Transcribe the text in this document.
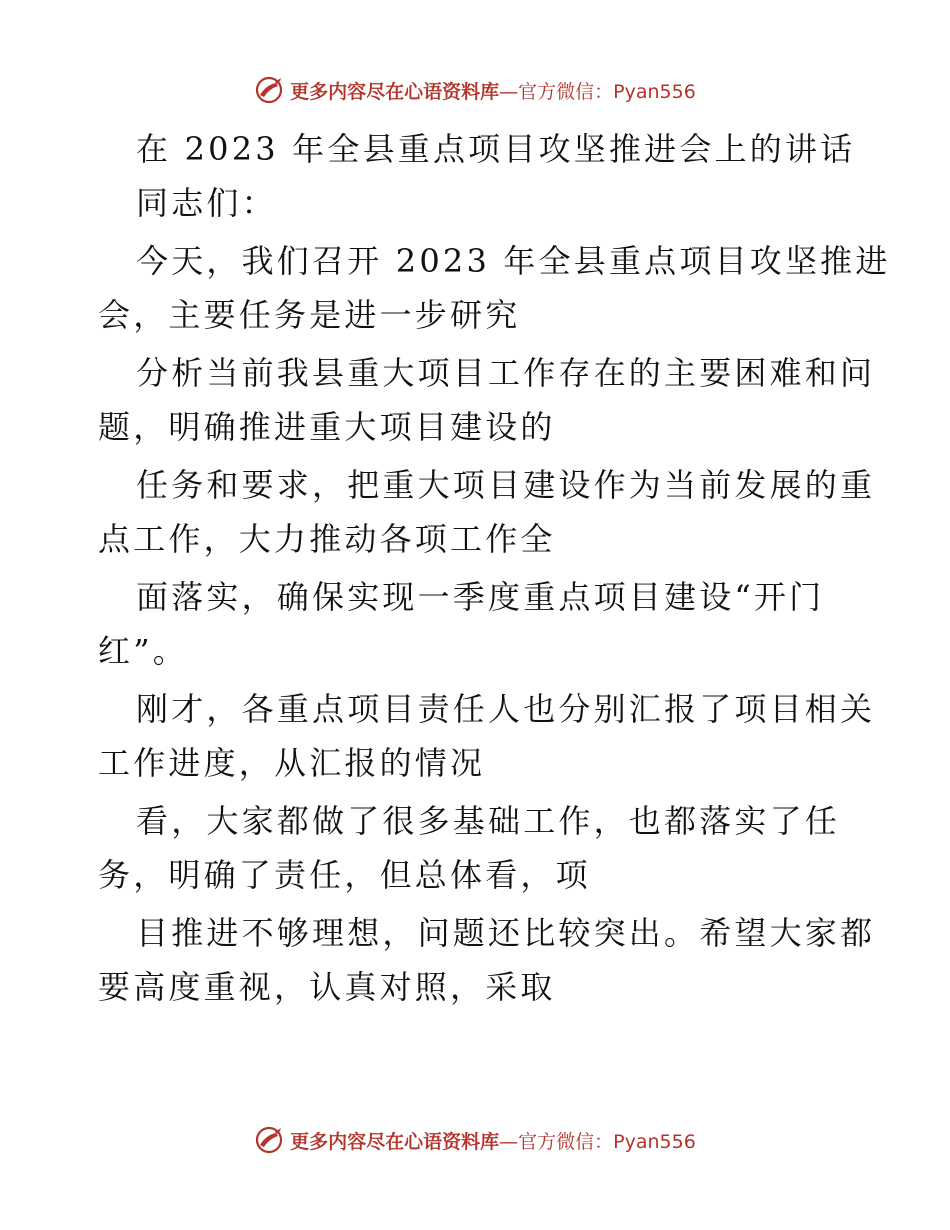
更多内容尽在心语资料库—官方微信：Pyan556
在 2023 年全县重点项目攻坚推进会上的讲话
同志们：
今天，我们召开 2023 年全县重点项目攻坚推进
会，主要任务是进一步研究
分析当前我县重大项目工作存在的主要困难和问
题，明确推进重大项目建设的
任务和要求，把重大项目建设作为当前发展的重
点工作，大力推动各项工作全
面落实，确保实现一季度重点项目建设“开门
红”。
刚才，各重点项目责任人也分别汇报了项目相关
工作进度，从汇报的情况
看，大家都做了很多基础工作，也都落实了任
务，明确了责任，但总体看，项
目推进不够理想，问题还比较突出。希望大家都
要高度重视，认真对照，采取
更多内容尽在心语资料库—官方微信：Pyan556
